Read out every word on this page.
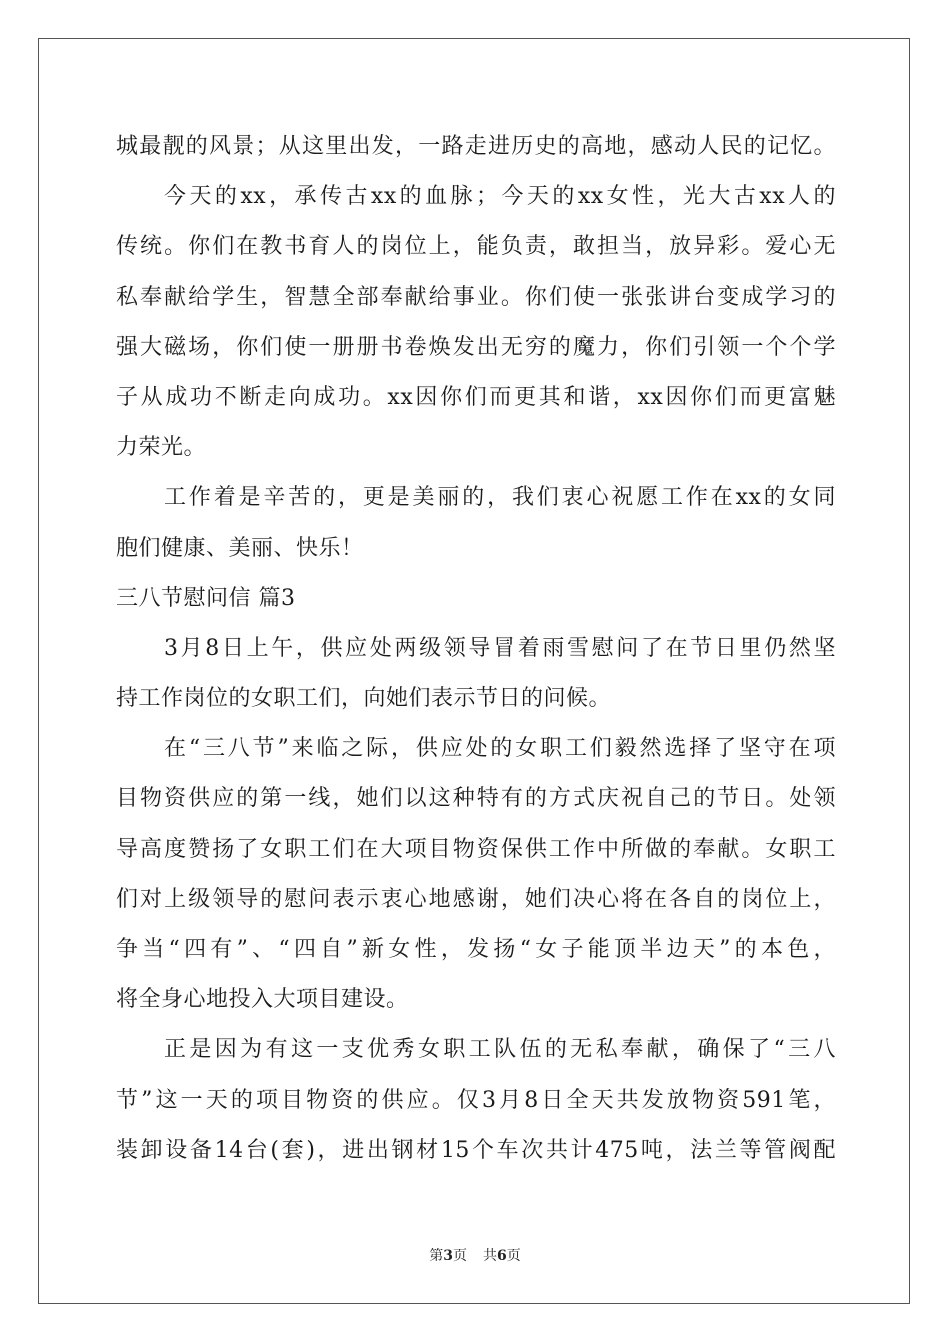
城最靓的风景；从这里出发，一路走进历史的高地，感动人民的记忆。
今天的xx，承传古xx的血脉；今天的xx女性，光大古xx人的
传统。你们在教书育人的岗位上，能负责，敢担当，放异彩。爱心无
私奉献给学生，智慧全部奉献给事业。你们使一张张讲台变成学习的
强大磁场，你们使一册册书卷焕发出无穷的魔力，你们引领一个个学
子从成功不断走向成功。xx因你们而更其和谐，xx因你们而更富魅
力荣光。
工作着是辛苦的，更是美丽的，我们衷心祝愿工作在xx的女同
胞们健康、美丽、快乐！
三八节慰问信 篇3
3月8日上午，供应处两级领导冒着雨雪慰问了在节日里仍然坚
持工作岗位的女职工们，向她们表示节日的问候。
在“三八节”来临之际，供应处的女职工们毅然选择了坚守在项
目物资供应的第一线，她们以这种特有的方式庆祝自己的节日。处领
导高度赞扬了女职工们在大项目物资保供工作中所做的奉献。女职工
们对上级领导的慰问表示衷心地感谢，她们决心将在各自的岗位上，
争当“四有”、“四自”新女性，发扬“女子能顶半边天”的本色，
将全身心地投入大项目建设。
正是因为有这一支优秀女职工队伍的无私奉献，确保了“三八
节”这一天的项目物资的供应。仅3月8日全天共发放物资591笔，
装卸设备14台(套)，进出钢材15个车次共计475吨，法兰等管阀配
第3页 共6页
